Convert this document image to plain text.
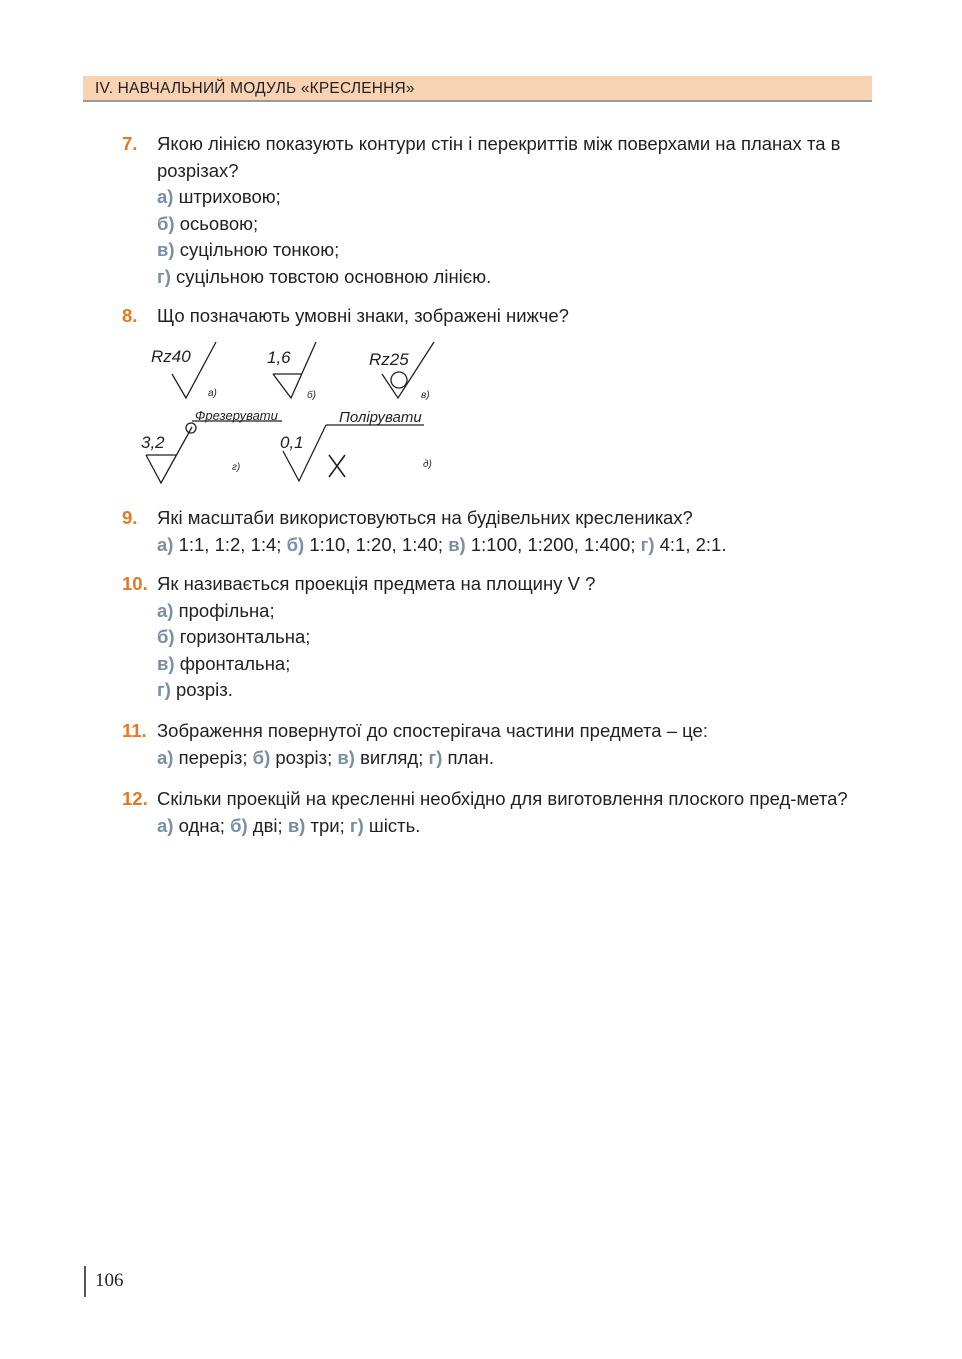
IV. НАВЧАЛЬНИЙ МОДУЛЬ «КРЕСЛЕННЯ»
7.	Якою лінією показують контури стін і перекриттів між поверхами на планах та в розрізах?
а) штриховою;
б) осьовою;
в) суцільною тонкою;
г) суцільною товстою основною лінією.
8.	Що позначають умовні знаки, зображені нижче?
Rz40
а)
1,6
б)
Rz25
в)
3,2
Фрезерувати
г)
0,1
Полірувати
д)
9.	Які масштаби використовуються на будівельних кресленикax?
а) 1:1, 1:2, 1:4; б) 1:10, 1:20, 1:40; в) 1:100, 1:200, 1:400; г) 4:1, 2:1.
10. Як називається проекція предмета на площину V ?
а) профільна;
б) горизонтальна;
в) фронтальна;
г) розріз.
11. Зображення повернутої до спостерігача частини предмета – це:
а) переріз; б) розріз; в) вигляд; г) план.
12. Скільки проекцій на кресленні необхідно для виготовлення плоского пред-мета?
а) одна; б) дві; в) три; г) шість.
106
